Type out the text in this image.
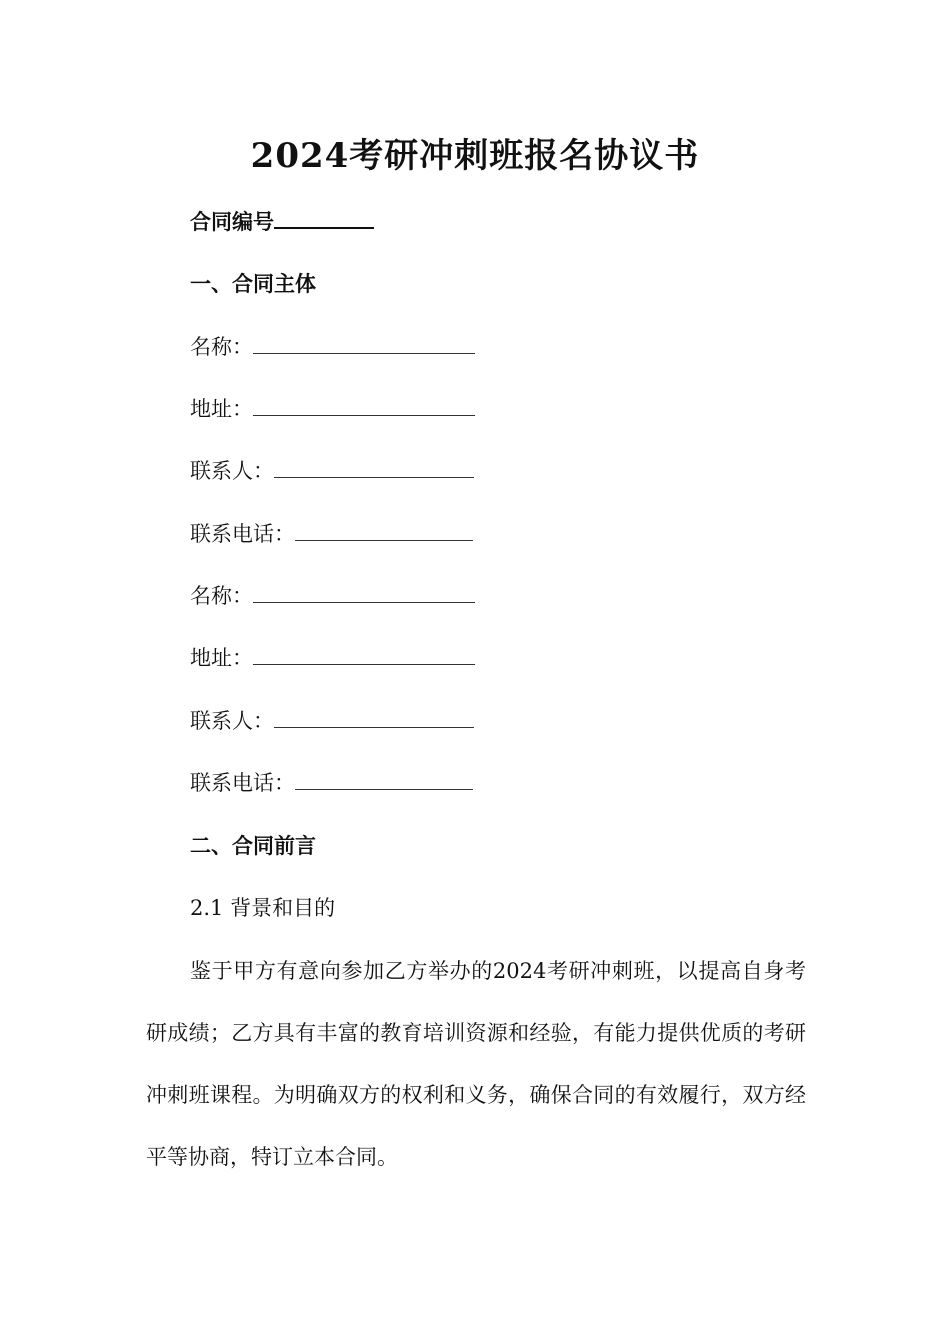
2024考研冲刺班报名协议书
合同编号
一、合同主体
名称：
地址：
联系人：
联系电话：
名称：
地址：
联系人：
联系电话：
二、合同前言
2.1 背景和目的
鉴于甲方有意向参加乙方举办的2024考研冲刺班，以提高自身考研成绩；乙方具有丰富的教育培训资源和经验，有能力提供优质的考研冲刺班课程。为明确双方的权利和义务，确保合同的有效履行，双方经平等协商，特订立本合同。
